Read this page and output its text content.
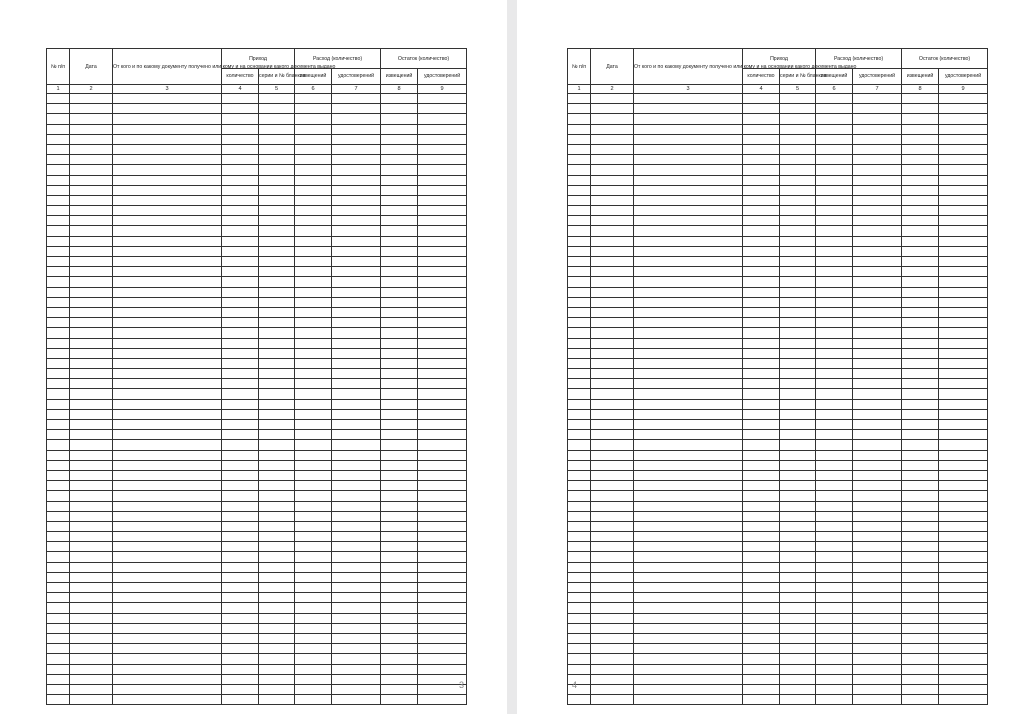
№ п/п	Дата	От кого и по какому документу получено или кому и на основании какого документа выдано	Приход		Расход (количество)		Остаток (количество)	
			количество	серии и № бланков	извещений	удостоверений	извещений	удостоверений
1	2	3	4	5	6	7	8	9

3
№ п/п	Дата	От кого и по какому документу получено или кому и на основании какого документа выдано	Приход		Расход (количество)		Остаток (количество)	
			количество	серии и № бланков	извещений	удостоверений	извещений	удостоверений
1	2	3	4	5	6	7	8	9

4
